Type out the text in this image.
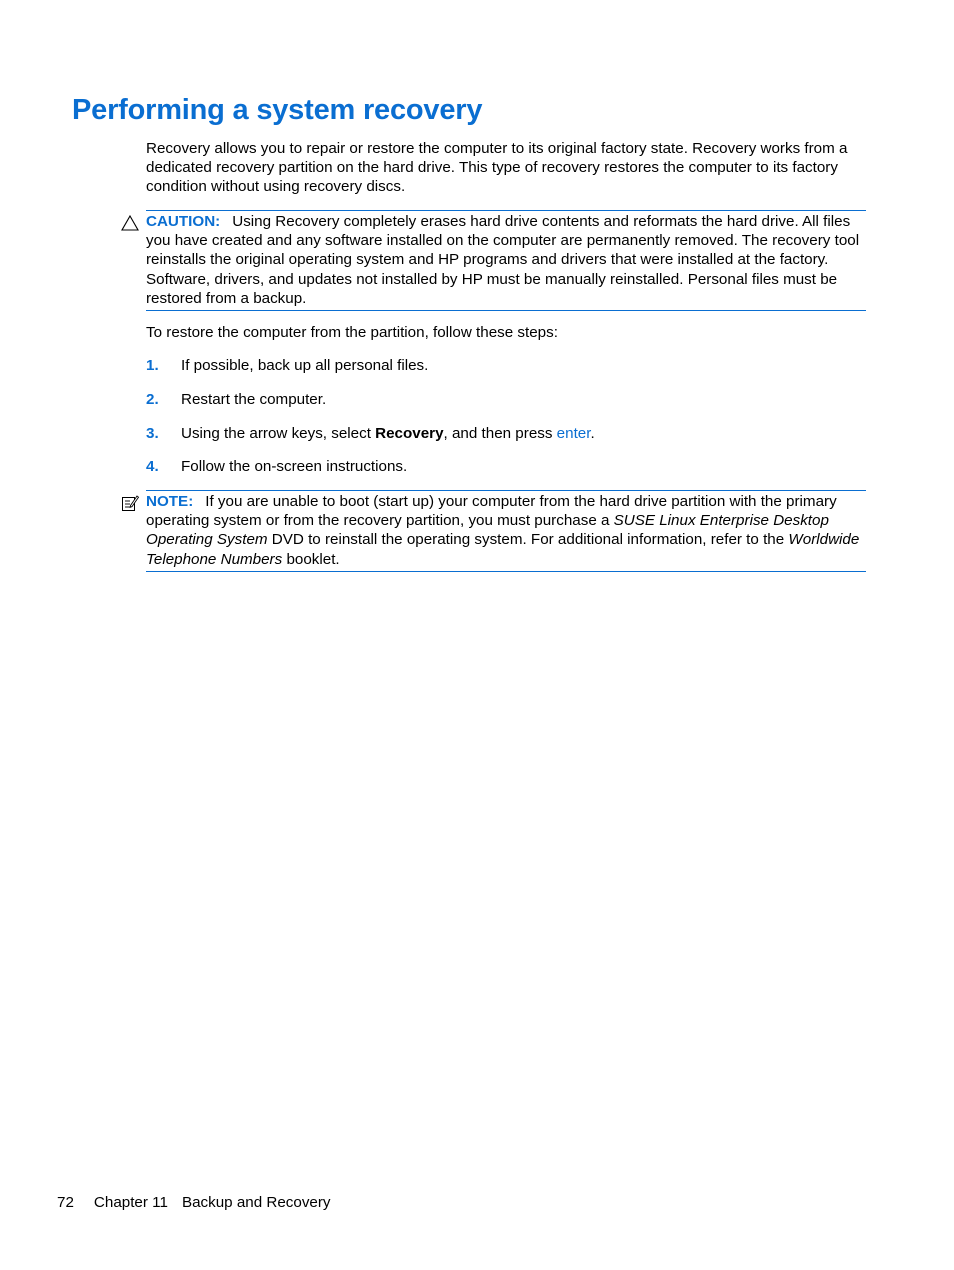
Performing a system recovery

Recovery allows you to repair or restore the computer to its original factory state. Recovery works from a dedicated recovery partition on the hard drive. This type of recovery restores the computer to its factory condition without using recovery discs.

CAUTION: Using Recovery completely erases hard drive contents and reformats the hard drive. All files you have created and any software installed on the computer are permanently removed. The recovery tool reinstalls the original operating system and HP programs and drivers that were installed at the factory. Software, drivers, and updates not installed by HP must be manually reinstalled. Personal files must be restored from a backup.

To restore the computer from the partition, follow these steps:

1. If possible, back up all personal files.
2. Restart the computer.
3. Using the arrow keys, select Recovery, and then press enter.
4. Follow the on-screen instructions.

NOTE: If you are unable to boot (start up) your computer from the hard drive partition with the primary operating system or from the recovery partition, you must purchase a SUSE Linux Enterprise Desktop Operating System DVD to reinstall the operating system. For additional information, refer to the Worldwide Telephone Numbers booklet.

72 Chapter 11 Backup and Recovery
